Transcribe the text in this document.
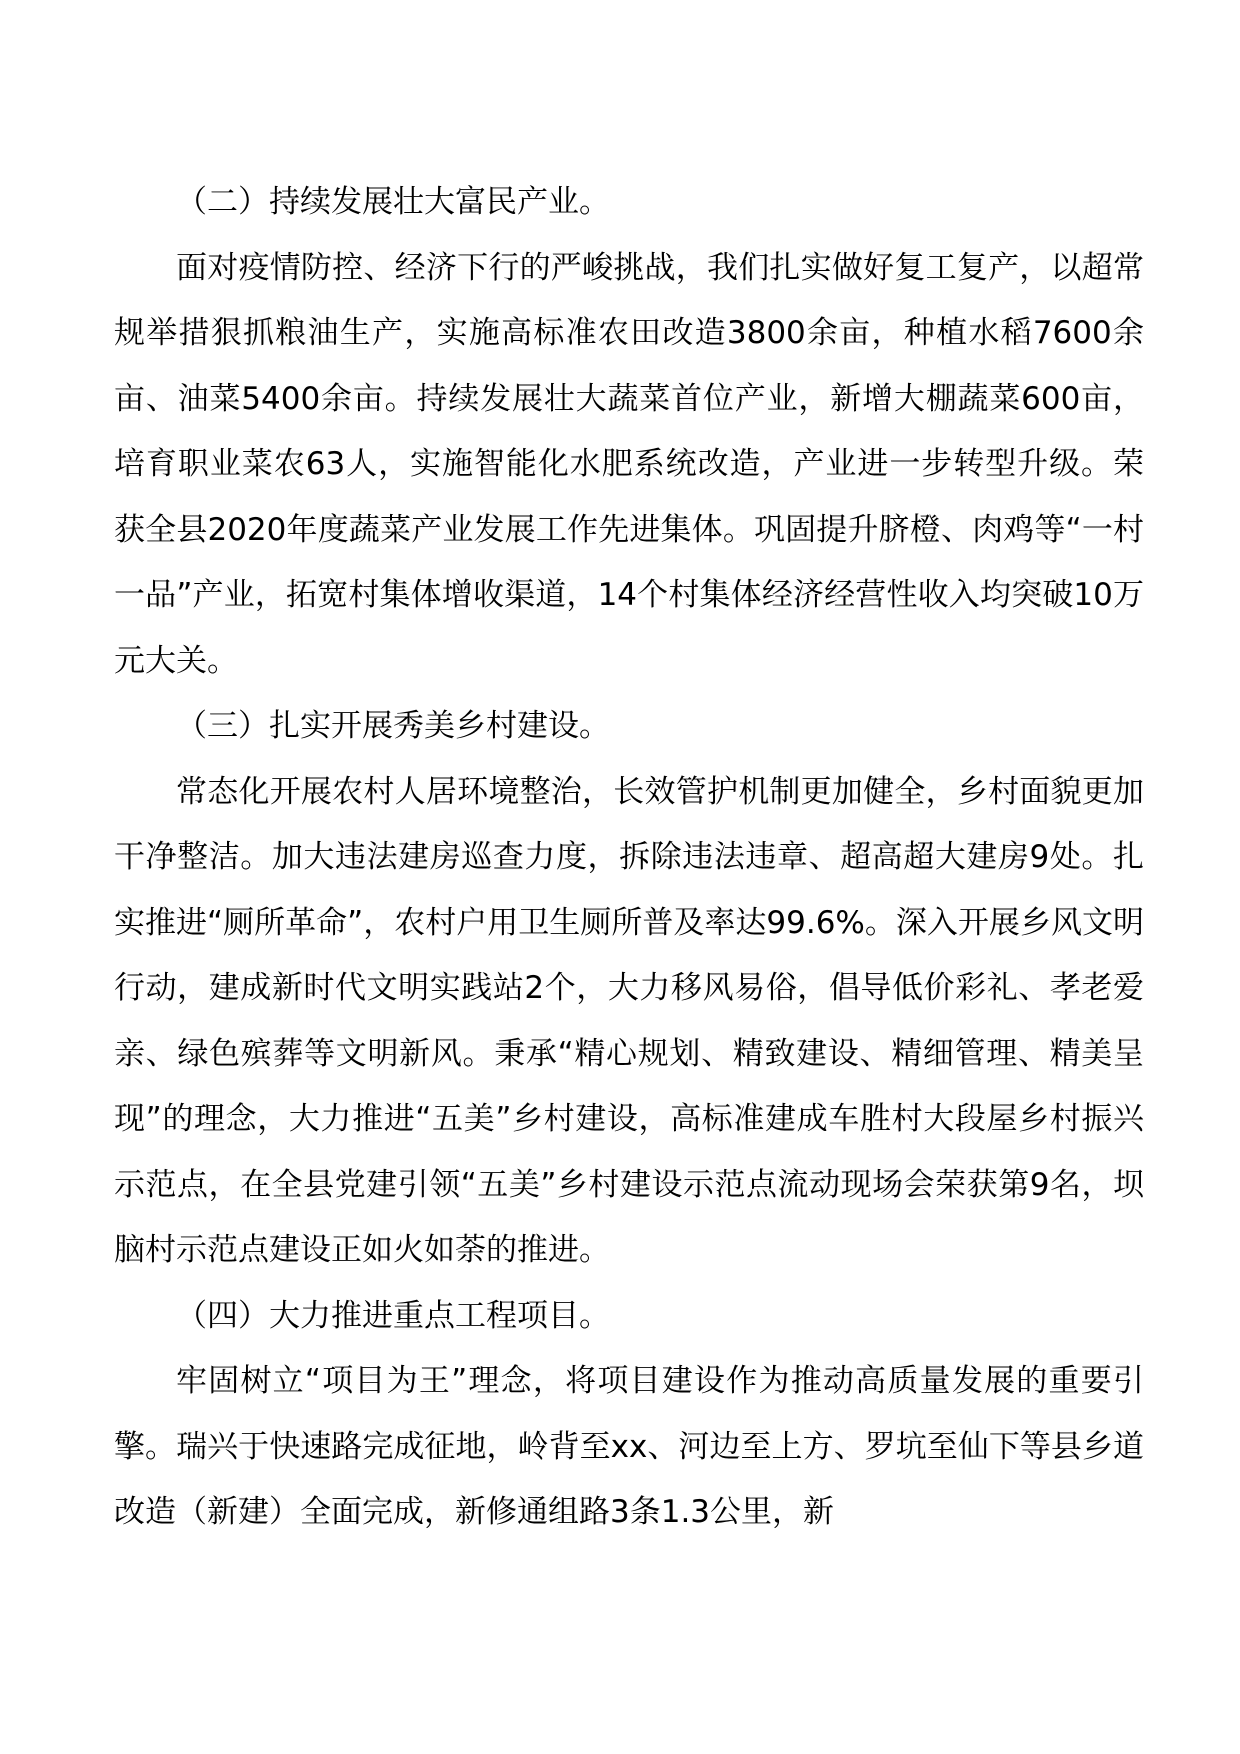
（二）持续发展壮大富民产业。

面对疫情防控、经济下行的严峻挑战，我们扎实做好复工复产，以超常规举措狠抓粮油生产，实施高标准农田改造3800余亩，种植水稻7600余亩、油菜5400余亩。持续发展壮大蔬菜首位产业，新增大棚蔬菜600亩，培育职业菜农63人，实施智能化水肥系统改造，产业进一步转型升级。荣获全县2020年度蔬菜产业发展工作先进集体。巩固提升脐橙、肉鸡等“一村一品”产业，拓宽村集体增收渠道，14个村集体经济经营性收入均突破10万元大关。

（三）扎实开展秀美乡村建设。

常态化开展农村人居环境整治，长效管护机制更加健全，乡村面貌更加干净整洁。加大违法建房巡查力度，拆除违法违章、超高超大建房9处。扎实推进“厕所革命”，农村户用卫生厕所普及率达99.6%。深入开展乡风文明行动，建成新时代文明实践站2个，大力移风易俗，倡导低价彩礼、孝老爱亲、绿色殡葬等文明新风。秉承“精心规划、精致建设、精细管理、精美呈现”的理念，大力推进“五美”乡村建设，高标准建成车胜村大段屋乡村振兴示范点，在全县党建引领“五美”乡村建设示范点流动现场会荣获第9名，坝脑村示范点建设正如火如荼的推进。

（四）大力推进重点工程项目。

牢固树立“项目为王”理念，将项目建设作为推动高质量发展的重要引擎。瑞兴于快速路完成征地，岭背至xx、河边至上方、罗坑至仙下等县乡道改造（新建）全面完成，新修通组路3条1.3公里，新
